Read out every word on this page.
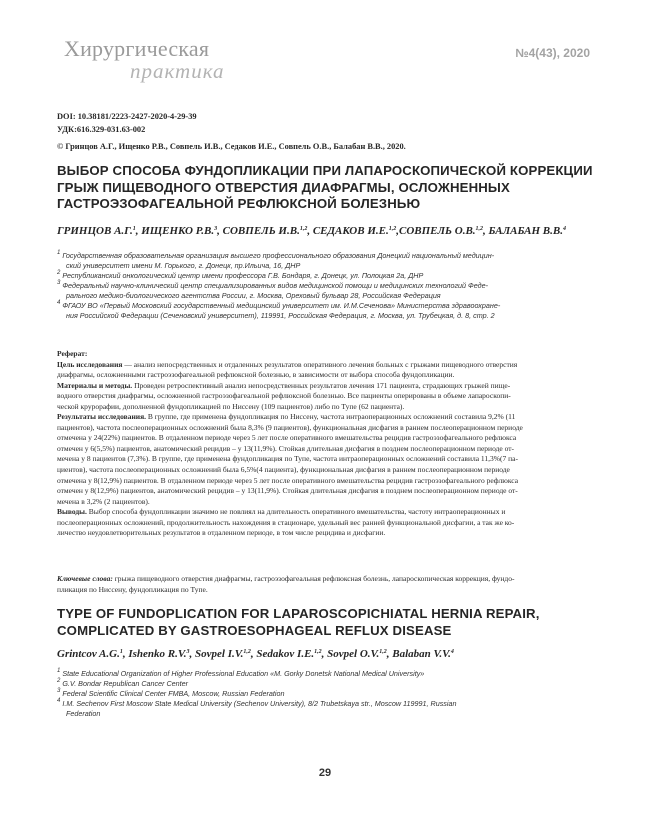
Хирургическая
практика
№4(43), 2020
DOI: 10.38181/2223-2427-2020-4-29-39
УДК:616.329-031.63-002
© Гринцов А.Г., Ищенко Р.В., Совпель И.В., Седаков И.Е., Совпель О.В., Балабан В.В., 2020.
ВЫБОР СПОСОБА ФУНДОПЛИКАЦИИ ПРИ ЛАПАРОСКОПИЧЕСКОЙ КОРРЕКЦИИ
ГРЫЖ ПИЩЕВОДНОГО ОТВЕРСТИЯ ДИАФРАГМЫ, ОСЛОЖНЕННЫХ
ГАСТРОЭЗОФАГЕАЛЬНОЙ РЕФЛЮКСНОЙ БОЛЕЗНЬЮ
ГРИНЦОВ А.Г.$^1$, ИЩЕНКО Р.В.$^3$, СОВПЕЛЬ И.В.$^{1,2}$, СЕДАКОВ И.Е.$^{1,2}$,СОВПЕЛЬ О.В.$^{1,2}$, БАЛАБАН В.В.$^4$

$^1$ Государственная образовательная организация высшего профессионального образования Донецкий национальный медицин-
ский университет имени М. Горького, г. Донецк, пр.Ильича, 16, ДНР

$^2$ Республиканский онкологический центр имени профессора Г.В. Бондаря, г. Донецк, ул. Полоцкая 2а, ДНР

$^3$ Федеральный научно-клинический центр специализированных видов медицинской помощи и медицинских технологий Феде-
рального медико-биологического агентства России, г. Москва, Ореховый бульвар 28, Российская Федерация

$^4$ ФГАОУ ВО «Первый Московский государственный медицинский университет им. И.М.Сеченова» Министерства здравоохране-
ния Российской Федерации (Сеченовский университет), 119991, Российская Федерация, г. Москва, ул. Трубецкая, д. 8, стр. 2

Реферат:

Цель исследования — анализ непосредственных и отдаленных результатов оперативного лечения больных с грыжами пищеводного отверстия
диафрагмы, осложненными гастроэзофагеальной рефлюксной болезнью, в зависимости от выбора способа фундопликации.

Материалы и методы. Проведен ретроспективный анализ непосредственных результатов лечения 171 пациента, страдающих грыжей пище-
водного отверстия диафрагмы, осложненной гастроэзофагеальной рефлюксной болезнью. Все пациенты оперированы в объеме лапароскопи-
ческой крурорафии, дополненной фундопликацией по Ниссену (109 пациентов) либо по Тупе (62 пациента).

Результаты исследования. В группе, где применена фундопликация по Ниссену, частота интраоперационных осложнений составила 9,2% (11
пациентов), частота послеоперационных осложнений была 8,3% (9 пациентов), функциональная дисфагия в раннем послеоперационном периоде
отмечена у 24(22%) пациентов. В отдаленном периоде через 5 лет после оперативного вмешательства рецидив гастроэзофагеального рефлюкса
отмечен у 6(5,5%) пациентов, анатомический рецидив – у 13(11,9%). Стойкая длительная дисфагия в позднем послеоперационном периоде от-
мечена у 8 пациентов (7,3%). В группе, где применена фундопликация по Тупе, частота интраоперационных осложнений составила 11,3%(7 па-
циентов), частота послеоперационных осложнений была 6,5%(4 пациента), функциональная дисфагия в раннем послеоперационном периоде
отмечена у 8(12,9%) пациентов. В отдаленном периоде через 5 лет после оперативного вмешательства рецидив гастроэзофагеального рефлюкса
отмечен у 8(12,9%) пациентов, анатомический рецидив – у 13(11,9%). Стойкая длительная дисфагия в позднем послеоперационном периоде от-
мечена в 3,2% (2 пациентов).

Выводы. Выбор способа фундопликации значимо не повлиял на длительность оперативного вмешательства, частоту интраоперационных и
послеоперационных осложнений, продолжительность нахождения в стационаре, удельный вес ранней функциональной дисфагии, а так же ко-
личество неудовлетворительных результатов в отдаленном периоде, в том числе рецидива и дисфагии.

Ключевые слова: грыжа пищеводного отверстия диафрагмы, гастроэзофагеальная рефлюксная болезнь, лапароскопическая коррекция, фундо-
пликация по Ниссену, фундопликация по Тупе.
TYPE OF FUNDOPLICATION FOR LAPAROSCOPICHIATAL HERNIA REPAIR,
COMPLICATED BY GASTROESOPHAGEAL REFLUX DISEASE
Grintcov A.G.$^1$, Ishenko R.V.$^3$, Sovpel I.V.$^{1,2}$, Sedakov I.E.$^{1,2}$, Sovpel O.V.$^{1,2}$, Balaban V.V.$^4$

$^1$ State Educational Organization of Higher Professional Education «M. Gorky Donetsk National Medical University»

$^2$ G.V. Bondar Republican Cancer Center

$^3$ Federal Scientific Clinical Center FMBA, Moscow, Russian Federation

$^4$ I.M. Sechenov First Moscow State Medical University (Sechenov University), 8/2 Trubetskaya str., Moscow 119991, Russian
Federation

29
